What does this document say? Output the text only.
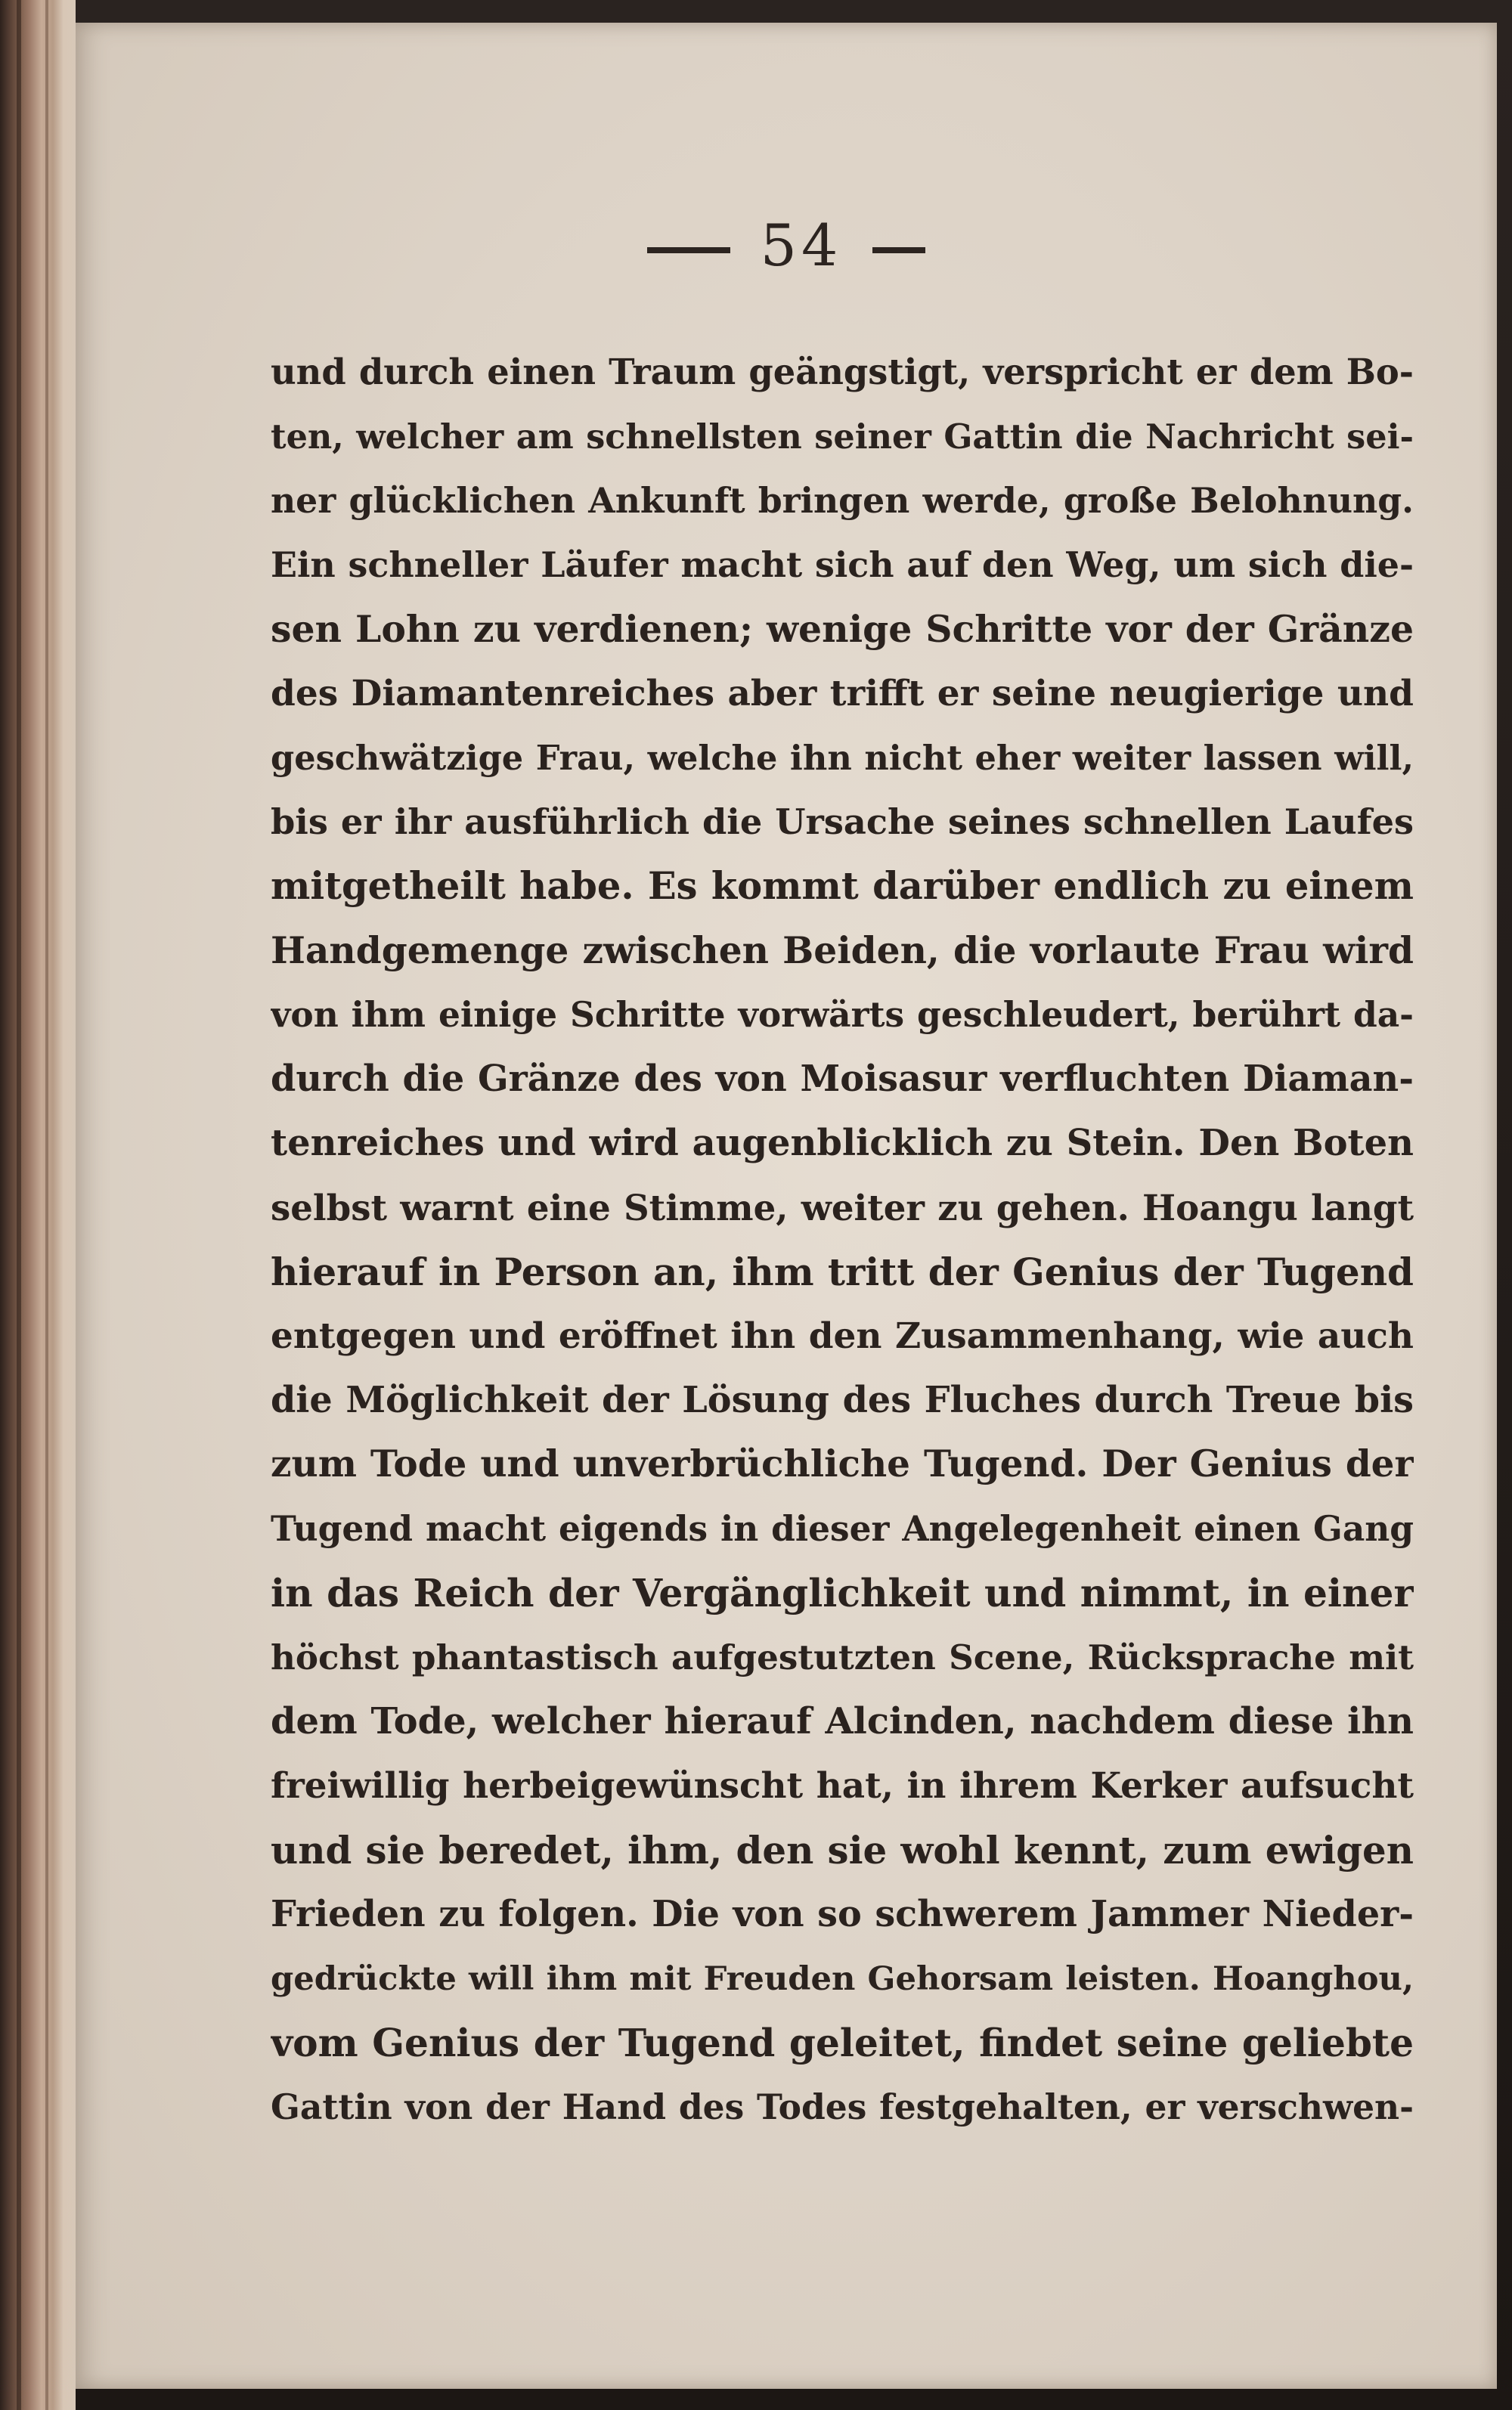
54
und durch einen Traum geängstigt, verspricht er dem Bo-
ten, welcher am schnellsten seiner Gattin die Nachricht sei-
ner glücklichen Ankunft bringen werde, große Belohnung.
Ein schneller Läufer macht sich auf den Weg, um sich die-
sen Lohn zu verdienen; wenige Schritte vor der Gränze
des Diamantenreiches aber trifft er seine neugierige und
geschwätzige Frau, welche ihn nicht eher weiter lassen will,
bis er ihr ausführlich die Ursache seines schnellen Laufes
mitgetheilt habe. Es kommt darüber endlich zu einem
Handgemenge zwischen Beiden, die vorlaute Frau wird
von ihm einige Schritte vorwärts geschleudert, berührt da-
durch die Gränze des von Moisasur verfluchten Diaman-
tenreiches und wird augenblicklich zu Stein. Den Boten
selbst warnt eine Stimme, weiter zu gehen. Hoangu langt
hierauf in Person an, ihm tritt der Genius der Tugend
entgegen und eröffnet ihn den Zusammenhang, wie auch
die Möglichkeit der Lösung des Fluches durch Treue bis
zum Tode und unverbrüchliche Tugend. Der Genius der
Tugend macht eigends in dieser Angelegenheit einen Gang
in das Reich der Vergänglichkeit und nimmt, in einer
höchst phantastisch aufgestutzten Scene, Rücksprache mit
dem Tode, welcher hierauf Alcinden, nachdem diese ihn
freiwillig herbeigewünscht hat, in ihrem Kerker aufsucht
und sie beredet, ihm, den sie wohl kennt, zum ewigen
Frieden zu folgen. Die von so schwerem Jammer Nieder-
gedrückte will ihm mit Freuden Gehorsam leisten. Hoanghou,
vom Genius der Tugend geleitet, findet seine geliebte
Gattin von der Hand des Todes festgehalten, er verschwen-
